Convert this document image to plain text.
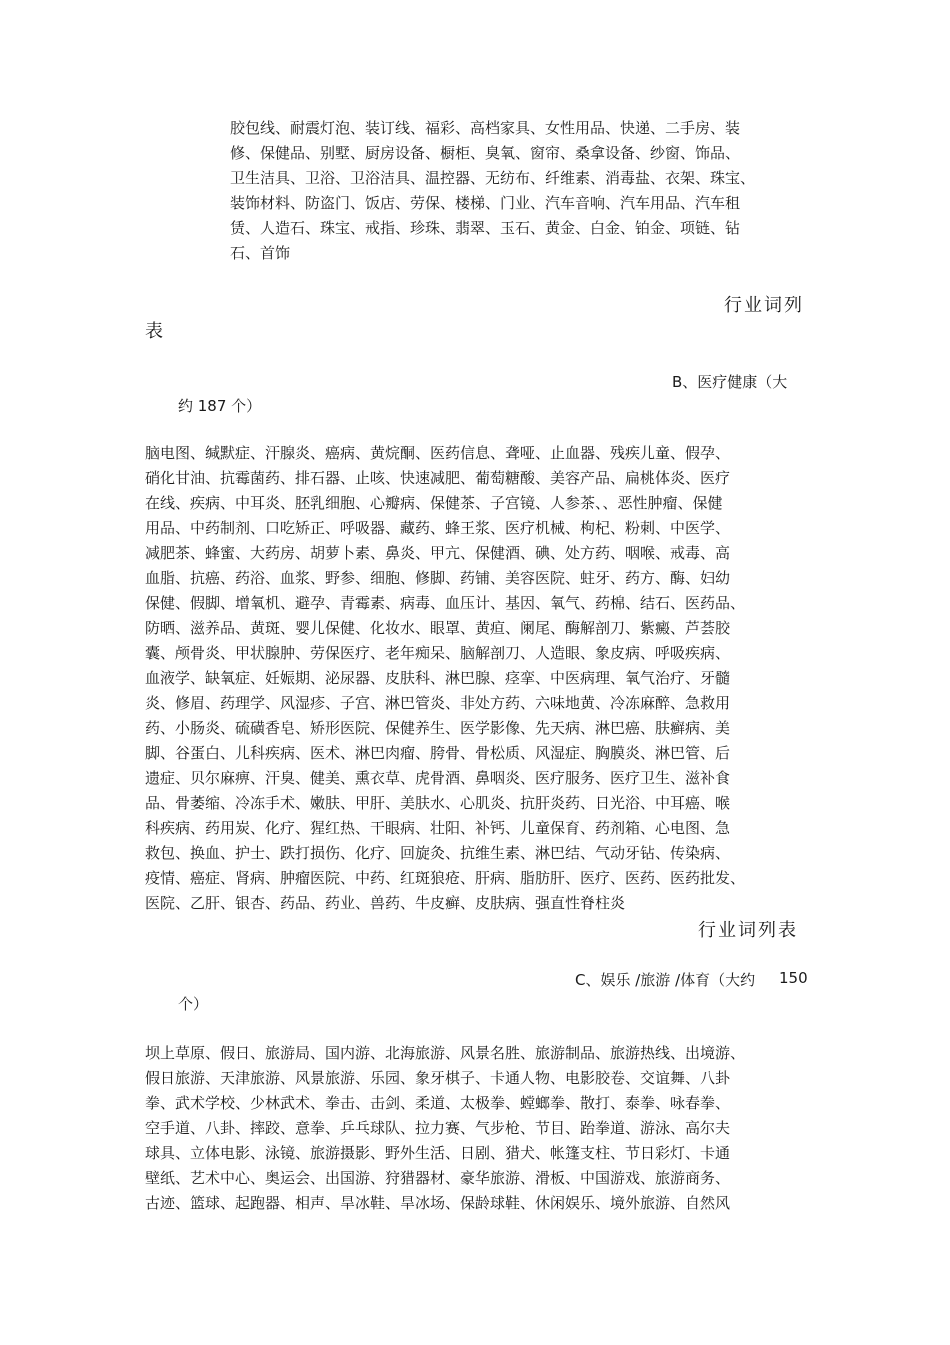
胶包线、耐震灯泡、装订线、福彩、高档家具、女性用品、快递、二手房、装
修、保健品、别墅、厨房设备、橱柜、臭氧、窗帘、桑拿设备、纱窗、饰品、
卫生洁具、卫浴、卫浴洁具、温控器、无纺布、纤维素、消毒盐、衣架、珠宝、
装饰材料、防盗门、饭店、劳保、楼梯、门业、汽车音响、汽车用品、汽车租
赁、人造石、珠宝、戒指、珍珠、翡翠、玉石、黄金、白金、铂金、项链、钻
石、首饰
行业词列
表
B、医疗健康（大
约 187 个）
脑电图、缄默症、汗腺炎、癌病、黄烷酮、医药信息、聋哑、止血器、残疾儿童、假孕、
硝化甘油、抗霉菌药、排石器、止咳、快速减肥、葡萄糖酸、美容产品、扁桃体炎、医疗
在线、疾病、中耳炎、胚乳细胞、心瓣病、保健茶、子宫镜、人参茶、、恶性肿瘤、保健
用品、中药制剂、口吃矫正、呼吸器、藏药、蜂王浆、医疗机械、枸杞、粉刺、中医学、
减肥茶、蜂蜜、大药房、胡萝卜素、鼻炎、甲亢、保健酒、碘、处方药、咽喉、戒毒、高
血脂、抗癌、药浴、血浆、野参、细胞、修脚、药铺、美容医院、蛀牙、药方、酶、妇幼
保健、假脚、增氧机、避孕、青霉素、病毒、血压计、基因、氧气、药棉、结石、医药品、
防晒、滋养品、黄斑、婴儿保健、化妆水、眼罩、黄疸、阑尾、酶解剖刀、紫癜、芦荟胶
囊、颅骨炎、甲状腺肿、劳保医疗、老年痴呆、脑解剖刀、人造眼、象皮病、呼吸疾病、
血液学、缺氧症、妊娠期、泌尿器、皮肤科、淋巴腺、痉挛、中医病理、氧气治疗、牙髓
炎、修眉、药理学、风湿疹、子宫、淋巴管炎、非处方药、六味地黄、冷冻麻醉、急救用
药、小肠炎、硫磺香皂、矫形医院、保健养生、医学影像、先天病、淋巴癌、肤癣病、美
脚、谷蛋白、儿科疾病、医术、淋巴肉瘤、胯骨、骨松质、风湿症、胸膜炎、淋巴管、后
遗症、贝尔麻痹、汗臭、健美、熏衣草、虎骨酒、鼻咽炎、医疗服务、医疗卫生、滋补食
品、骨萎缩、冷冻手术、嫩肤、甲肝、美肤水、心肌炎、抗肝炎药、日光浴、中耳癌、喉
科疾病、药用炭、化疗、猩红热、干眼病、壮阳、补钙、儿童保育、药剂箱、心电图、急
救包、换血、护士、跌打损伤、化疗、回旋灸、抗维生素、淋巴结、气动牙钻、传染病、
疫情、癌症、肾病、肿瘤医院、中药、红斑狼疮、肝病、脂肪肝、医疗、医药、医药批发、
医院、乙肝、银杏、药品、药业、兽药、牛皮癣、皮肤病、强直性脊柱炎
行业词列表
C、娱乐 /旅游 /体育（大约 150
个）
坝上草原、假日、旅游局、国内游、北海旅游、风景名胜、旅游制品、旅游热线、出境游、
假日旅游、天津旅游、风景旅游、乐园、象牙棋子、卡通人物、电影胶卷、交谊舞、八卦
拳、武术学校、少林武术、拳击、击剑、柔道、太极拳、螳螂拳、散打、泰拳、咏春拳、
空手道、八卦、摔跤、意拳、乒乓球队、拉力赛、气步枪、节目、跆拳道、游泳、高尔夫
球具、立体电影、泳镜、旅游摄影、野外生活、日剧、猎犬、帐篷支柱、节日彩灯、卡通
壁纸、艺术中心、奥运会、出国游、狩猎器材、豪华旅游、滑板、中国游戏、旅游商务、
古迹、篮球、起跑器、相声、旱冰鞋、旱冰场、保龄球鞋、休闲娱乐、境外旅游、自然风
